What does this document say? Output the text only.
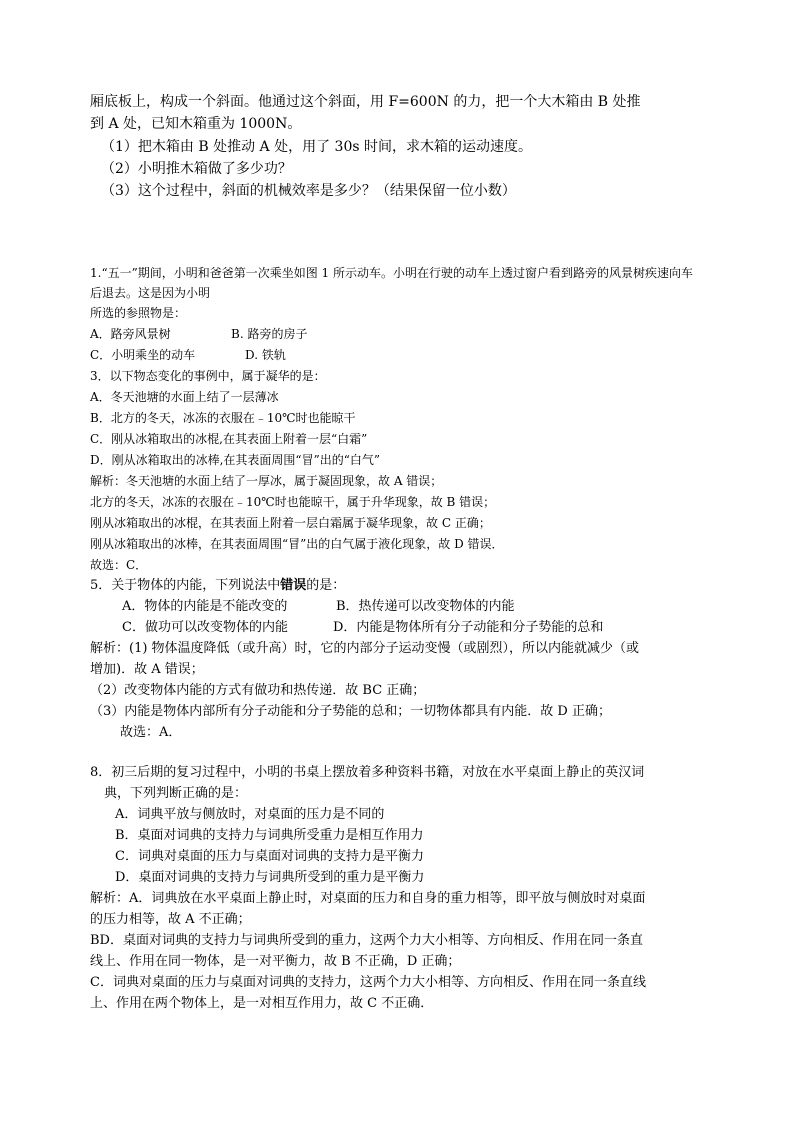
厢底板上，构成一个斜面。他通过这个斜面，用 F=600N 的力，把一个大木箱由 B 处推
到 A 处，已知木箱重为 1000N。
（1）把木箱由 B 处推动 A 处，用了 30s 时间，求木箱的运动速度。
（2）小明推木箱做了多少功？
（3）这个过程中，斜面的机械效率是多少？（结果保留一位小数）
1.“五一”期间，小明和爸爸第一次乘坐如图 1 所示动车。小明在行驶的动车上透过窗户看到路旁的风景树疾速向车
后退去。这是因为小明
所选的参照物是：
A．路旁风景树	B. 路旁的房子
C．小明乘坐的动车	D. 铁轨
3．以下物态变化的事例中，属于凝华的是：
A．冬天池塘的水面上结了一层薄冰
B．北方的冬天，冰冻的衣服在﹣10℃时也能晾干
C．刚从冰箱取出的冰棍,在其表面上附着一层“白霜”
D．刚从冰箱取出的冰棒,在其表面周围“冒”出的“白气”
解析：冬天池塘的水面上结了一厚冰，属于凝固现象，故 A 错误；
北方的冬天，冰冻的衣服在﹣10℃时也能晾干，属于升华现象，故 B 错误；
刚从冰箱取出的冰棍，在其表面上附着一层白霜属于凝华现象，故 C 正确；
刚从冰箱取出的冰棒，在其表面周围“冒”出的白气属于液化现象，故 D 错误．
故选：C．
5．关于物体的内能，下列说法中错误的是：
A．物体的内能是不能改变的	B．热传递可以改变物体的内能
C．做功可以改变物体的内能	D．内能是物体所有分子动能和分子势能的总和
解析：(1) 物体温度降低（或升高）时，它的内部分子运动变慢（或剧烈），所以内能就减少（或
增加)．故 A 错误；
（2）改变物体内能的方式有做功和热传递．故 BC 正确；
（3）内能是物体内部所有分子动能和分子势能的总和；一切物体都具有内能．故 D 正确；
故选：A．
8．初三后期的复习过程中，小明的书桌上摆放着多种资料书籍，对放在水平桌面上静止的英汉词
典，下列判断正确的是：
A．词典平放与侧放时，对桌面的压力是不同的
B．桌面对词典的支持力与词典所受重力是相互作用力
C．词典对桌面的压力与桌面对词典的支持力是平衡力
D．桌面对词典的支持力与词典所受到的重力是平衡力
解析：A．词典放在水平桌面上静止时，对桌面的压力和自身的重力相等，即平放与侧放时对桌面
的压力相等，故 A 不正确；
BD．桌面对词典的支持力与词典所受到的重力，这两个力大小相等、方向相反、作用在同一条直
线上、作用在同一物体，是一对平衡力，故 B 不正确，D 正确；
C．词典对桌面的压力与桌面对词典的支持力，这两个力大小相等、方向相反、作用在同一条直线
上、作用在两个物体上，是一对相互作用力，故 C 不正确．
